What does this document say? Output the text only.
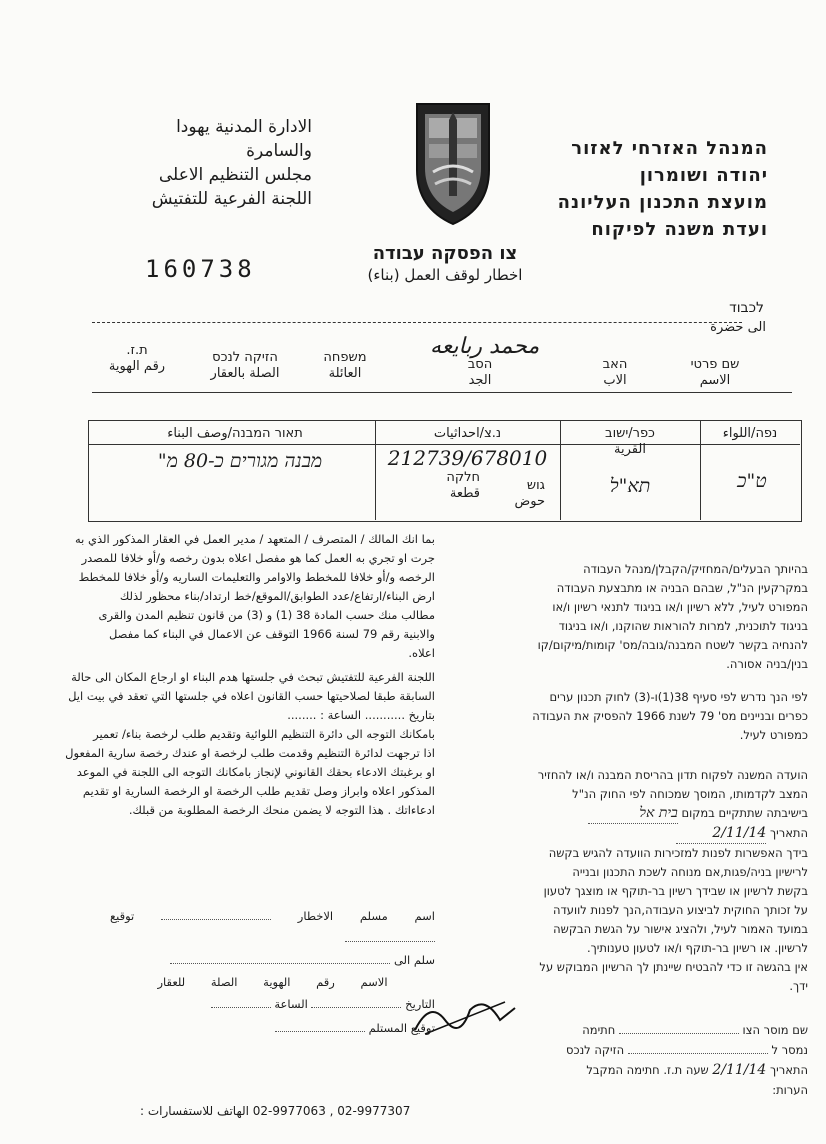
המנהל האזרחי לאזור
יהודה ושומרון
מועצת התכנון העליונה
ועדת משנה לפיקוח
الادارة المدنية يهودا
والسامرة
مجلس التنظيم الاعلى
اللجنة الفرعية للتفتيش
צו הפסקה עבודה
اخطار لوقف العمل (بناء)
160738
לכבוד
الى حضرة
محمد ربايعه
שם פרטי
الاسم
האב
الاب
הסב
الجد
משפחה
العائلة
הזיקה לנכס
الصلة بالعقار
ת.ז.
رقم الهوية
נפה/اللواء
כפר/ישוב
القرية
נ.צ/احداثيات
תאור המבנה/وصف البناء
ט"כ
תא"ל
212739/678010
מבנה מגורים כ-80 מ"
גוש
حوض
חלקה
قطعة
בהיותך הבעלים/המחזיק/הקבלן/מנהל העבודה
במקרקעין הנ"ל, שבהם הבניה או מתבצעת העבודה
המפורט לעיל, ללא רשיון ו/או בניגוד לתנאי רשיון ו/או
בניגוד לתוכנית, למרות להוראות שהוקנו, ו/או בניגוד
להנחיה בקשר לשטח המבנה/גובה/מס' קומות/מיקום/קו
בנין/בניה אסורה.
לפי הנך נדרש לפי סעיף 38(1)ו-(3) לחוק תכנון ערים
כפרים ובניינים מס' 79 לשנת 1966 להפסיק את העבודה
כמפורט לעיל.
הועדה המשנה לפקוח תדון בהריסת המבנה ו/או להחזיר
המצב לקדמותו, המוסך שמכוחה לפי החוק הנ"ל
בישיבתה שתתקיים במקום בית אל
התאריך 2/11/14
בידך האפשרות לפנות למזכירות הוועדה להגיש בקשה
לרישיון בניה/פגות,אם מנוחה לשכת התכנון ובנייה
בקשת לרשיון או שבידך רשיון בר-תוקף או מוצגך לטעון
על זכותך החוקית לביצוע העבודה,הנך לפנות לוועדה
במועד האמור לעיל, ולהציג אישור על הגשת הבקשה
לרשיון. או רשיון בר-תוקף ו/או לטעון טענותיך.
אין בהגשה זו כדי להבטיח שיינתן לך הרשיון המבוקש על
ידך.
שם מוסר הצו  חתימה
נמסר ל  הזיקה לנכס
התאריך 2/11/14 שעה ת.ז. חתימה המקבל
הערות:
بما انك المالك / المتصرف / المتعهد / مدير العمل في العقار المذكور الذي به
جرت او تجري به العمل كما هو مفصل اعلاه بدون رخصه و/أو خلافا للمصدر
الرخصه و/أو خلافا للمخطط والاوامر والتعليمات الساريه و/أو خلافا للمخطط
ارض البناء/ارتفاع/عدد الطوابق/الموقع/خط ارتداد/بناء محظور لذلك
مطالب منك حسب المادة 38 (1) و (3) من قانون تنظيم المدن والقرى
والابنية رقم 79 لسنة 1966 التوقف عن الاعمال في البناء كما مفصل
اعلاه.
اللجنة الفرعية للتفتيش تبحث في جلستها هدم البناء او ارجاع المكان الى حالة
السابقة طبقا لصلاحيتها حسب القانون اعلاه في جلستها التي تعقد في بيت ايل
بتاريخ ........... الساعة : ........
بامكانك التوجه الى دائرة التنظيم اللوائية وتقديم طلب لرخصة بناء/ تعمير
اذا ترجهت لدائرة التنظيم وقدمت طلب لرخصة او عندك رخصة سارية المفعول
او برغبتك الادعاء بحقك القانوني لإنجاز بامكانك التوجه الى اللجنة في الموعد
المذكور اعلاه وابراز وصل تقديم طلب الرخصة او الرخصة السارية او تقديم
ادعاءاتك . هذا التوجه لا يضمن منحك الرخصة المطلوبة من قبلك.
اسم مسلم الاخطار  توقيع
سلم الى
الاسم رقم الهوية الصلة للعقار
التاريخ  الساعة
توقيع المستلم
02-9977307 , 02-9977063 الهاتف للاستفسارات :
